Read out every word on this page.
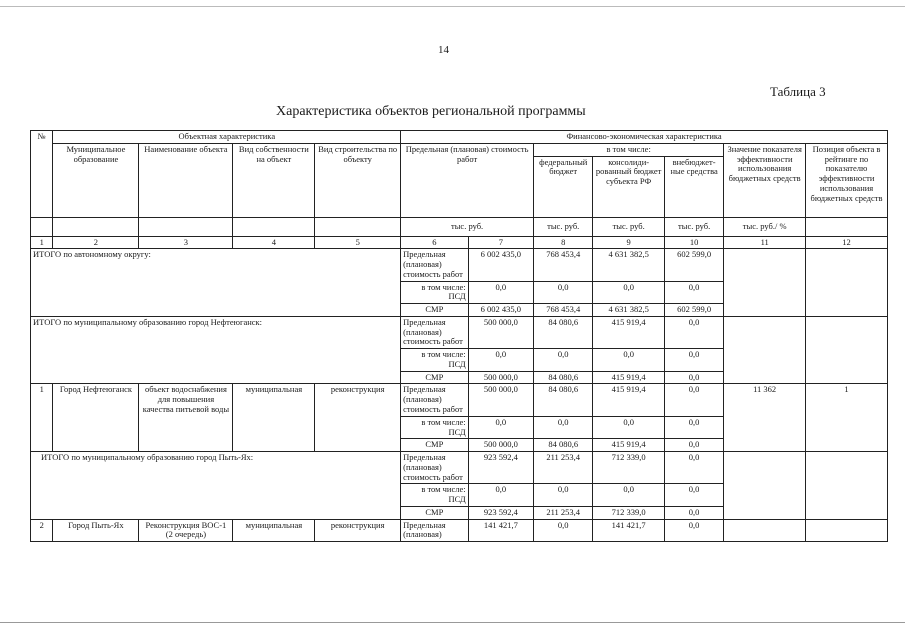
14
Таблица 3
Характеристика объектов региональной программы
№	Объектная характеристика				Финансово-экономическая характеристика						
	Муниципальное образование	Наименование объекта	Вид собственности на объект	Вид строительства по объекту	Предельная (плановая) стоимость работ		в том числе:			Значение показателя эффективности использования бюджетных средств	Позиция объекта в рейтинге по показателю эффективности использования бюджетных средств
							федеральный бюджет	консолиди-рованный бюджет субъекта РФ	внебюджет-ные средства		
					тыс. руб.		тыс. руб.	тыс. руб.	тыс. руб.	тыс. руб./ %	
1	2	3	4	5	6	7	8	9	10	11	12
ИТОГО по автономному округу:					Предельная (плановая) стоимость работ	6 002 435,0	768 453,4	4 631 382,5	602 599,0		
					в том числе: ПСД	0,0	0,0	0,0	0,0		
					СМР	6 002 435,0	768 453,4	4 631 382,5	602 599,0		
ИТОГО по муниципальному образованию город Нефтеюганск:					Предельная (плановая) стоимость работ	500 000,0	84 080,6	415 919,4	0,0		
					в том числе: ПСД	0,0	0,0	0,0	0,0		
					СМР	500 000,0	84 080,6	415 919,4	0,0		
1	Город Нефтеюганск	объект водоснабжения для повышения качества питьевой воды	муниципальная	реконструкция	Предельная (плановая) стоимость работ	500 000,0	84 080,6	415 919,4	0,0	11 362	1
					в том числе: ПСД	0,0	0,0	0,0	0,0		
					СМР	500 000,0	84 080,6	415 919,4	0,0		
ИТОГО по муниципальному образованию город Пыть-Ях:					Предельная (плановая) стоимость работ	923 592,4	211 253,4	712 339,0	0,0		
					в том числе: ПСД	0,0	0,0	0,0	0,0		
					СМР	923 592,4	211 253,4	712 339,0	0,0		
2	Город Пыть-Ях	Реконструкция ВОС-1 (2 очередь)	муниципальная	реконструкция	Предельная (плановая)	141 421,7	0,0	141 421,7	0,0		
